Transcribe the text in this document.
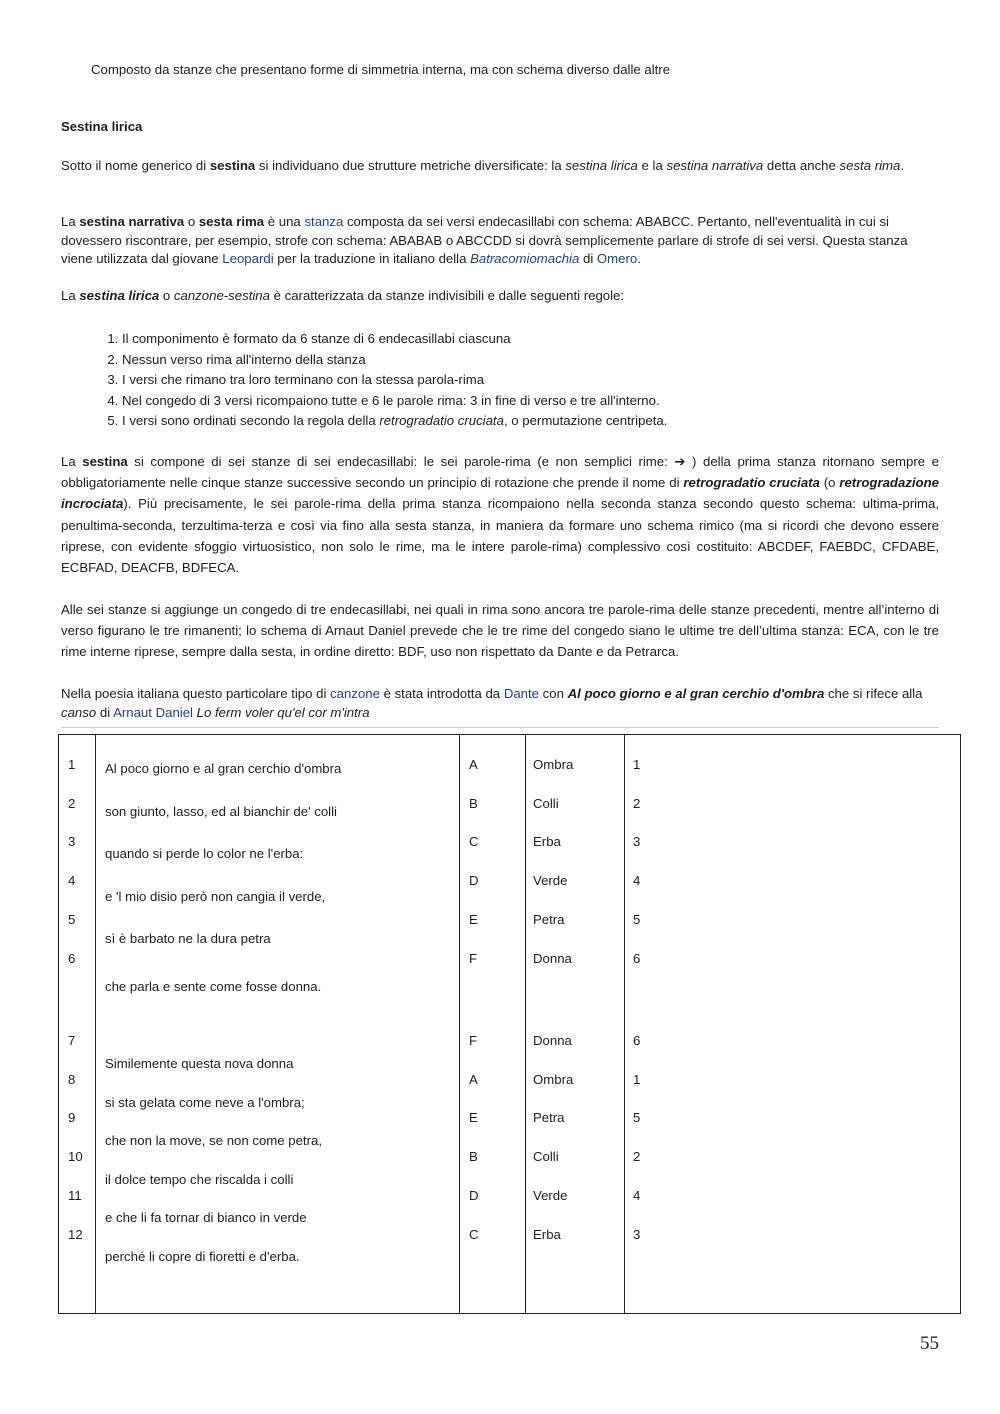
Composto da stanze che presentano forme di simmetria interna, ma con schema diverso dalle altre
Sestina lirica
Sotto il nome generico di sestina si individuano due strutture metriche diversificate: la sestina lirica e la sestina narrativa detta anche sesta rima.
La sestina narrativa o sesta rima è una stanza composta da sei versi endecasillabi con schema: ABABCC. Pertanto, nell'eventualità in cui si dovessero riscontrare, per esempio, strofe con schema: ABABAB o ABCCDD si dovrà semplicemente parlare di strofe di sei versi. Questa stanza viene utilizzata dal giovane Leopardi per la traduzione in italiano della Batracomiomachia di Omero.
La sestina lirica o canzone-sestina è caratterizzata da stanze indivisibili e dalle seguenti regole:
1. Il componimento è formato da 6 stanze di 6 endecasillabi ciascuna
2. Nessun verso rima all'interno della stanza
3. I versi che rimano tra loro terminano con la stessa parola-rima
4. Nel congedo di 3 versi ricompaiono tutte e 6 le parole rima: 3 in fine di verso e tre all'interno.
5. I versi sono ordinati secondo la regola della retrogradatio cruciata, o permutazione centripeta.
La sestina si compone di sei stanze di sei endecasillabi: le sei parole-rima (e non semplici rime: ➔ ) della prima stanza ritornano sempre e obbligatoriamente nelle cinque stanze successive secondo un principio di rotazione che prende il nome di retrogradatio cruciata (o retrogradazione incrociata). Più precisamente, le sei parole-rima della prima stanza ricompaiono nella seconda stanza secondo questo schema: ultima-prima, penultima-seconda, terzultima-terza e così via fino alla sesta stanza, in maniera da formare uno schema rimico (ma si ricordi che devono essere riprese, con evidente sfoggio virtuosistico, non solo le rime, ma le intere parole-rima) complessivo così costituito: ABCDEF, FAEBDC, CFDABE, ECBFAD, DEACFB, BDFECA.
Alle sei stanze si aggiunge un congedo di tre endecasillabi, nei quali in rima sono ancora tre parole-rima delle stanze precedenti, mentre all’interno di verso figurano le tre rimanenti; lo schema di Arnaut Daniel prevede che le tre rime del congedo siano le ultime tre dell’ultima stanza: ECA, con le tre rime interne riprese, sempre dalla sesta, in ordine diretto: BDF, uso non rispettato da Dante e da Petrarca.
Nella poesia italiana questo particolare tipo di canzone è stata introdotta da Dante con Al poco giorno e al gran cerchio d'ombra che si rifece alla canso di Arnaut Daniel Lo ferm voler qu'el cor m'intra
1
2
3
4
5
6
7
8
9
10
11
12
Al poco giorno e al gran cerchio d'ombra
son giunto, lasso, ed al bianchir de' colli
quando si perde lo color ne l'erba:
e 'l mio disio però non cangia il verde,
sì è barbato ne la dura petra
che parla e sente come fosse donna.
Similemente questa nova donna
si sta gelata come neve a l'ombra;
che non la move, se non come petra,
il dolce tempo che riscalda i colli
e che li fa tornar di bianco in verde
perché li copre di fioretti e d'erba.
A
B
C
D
E
F
F
A
E
B
D
C
Ombra
Colli
Erba
Verde
Petra
Donna
Donna
Ombra
Petra
Colli
Verde
Erba
1
2
3
4
5
6
6
1
5
2
4
3
55
